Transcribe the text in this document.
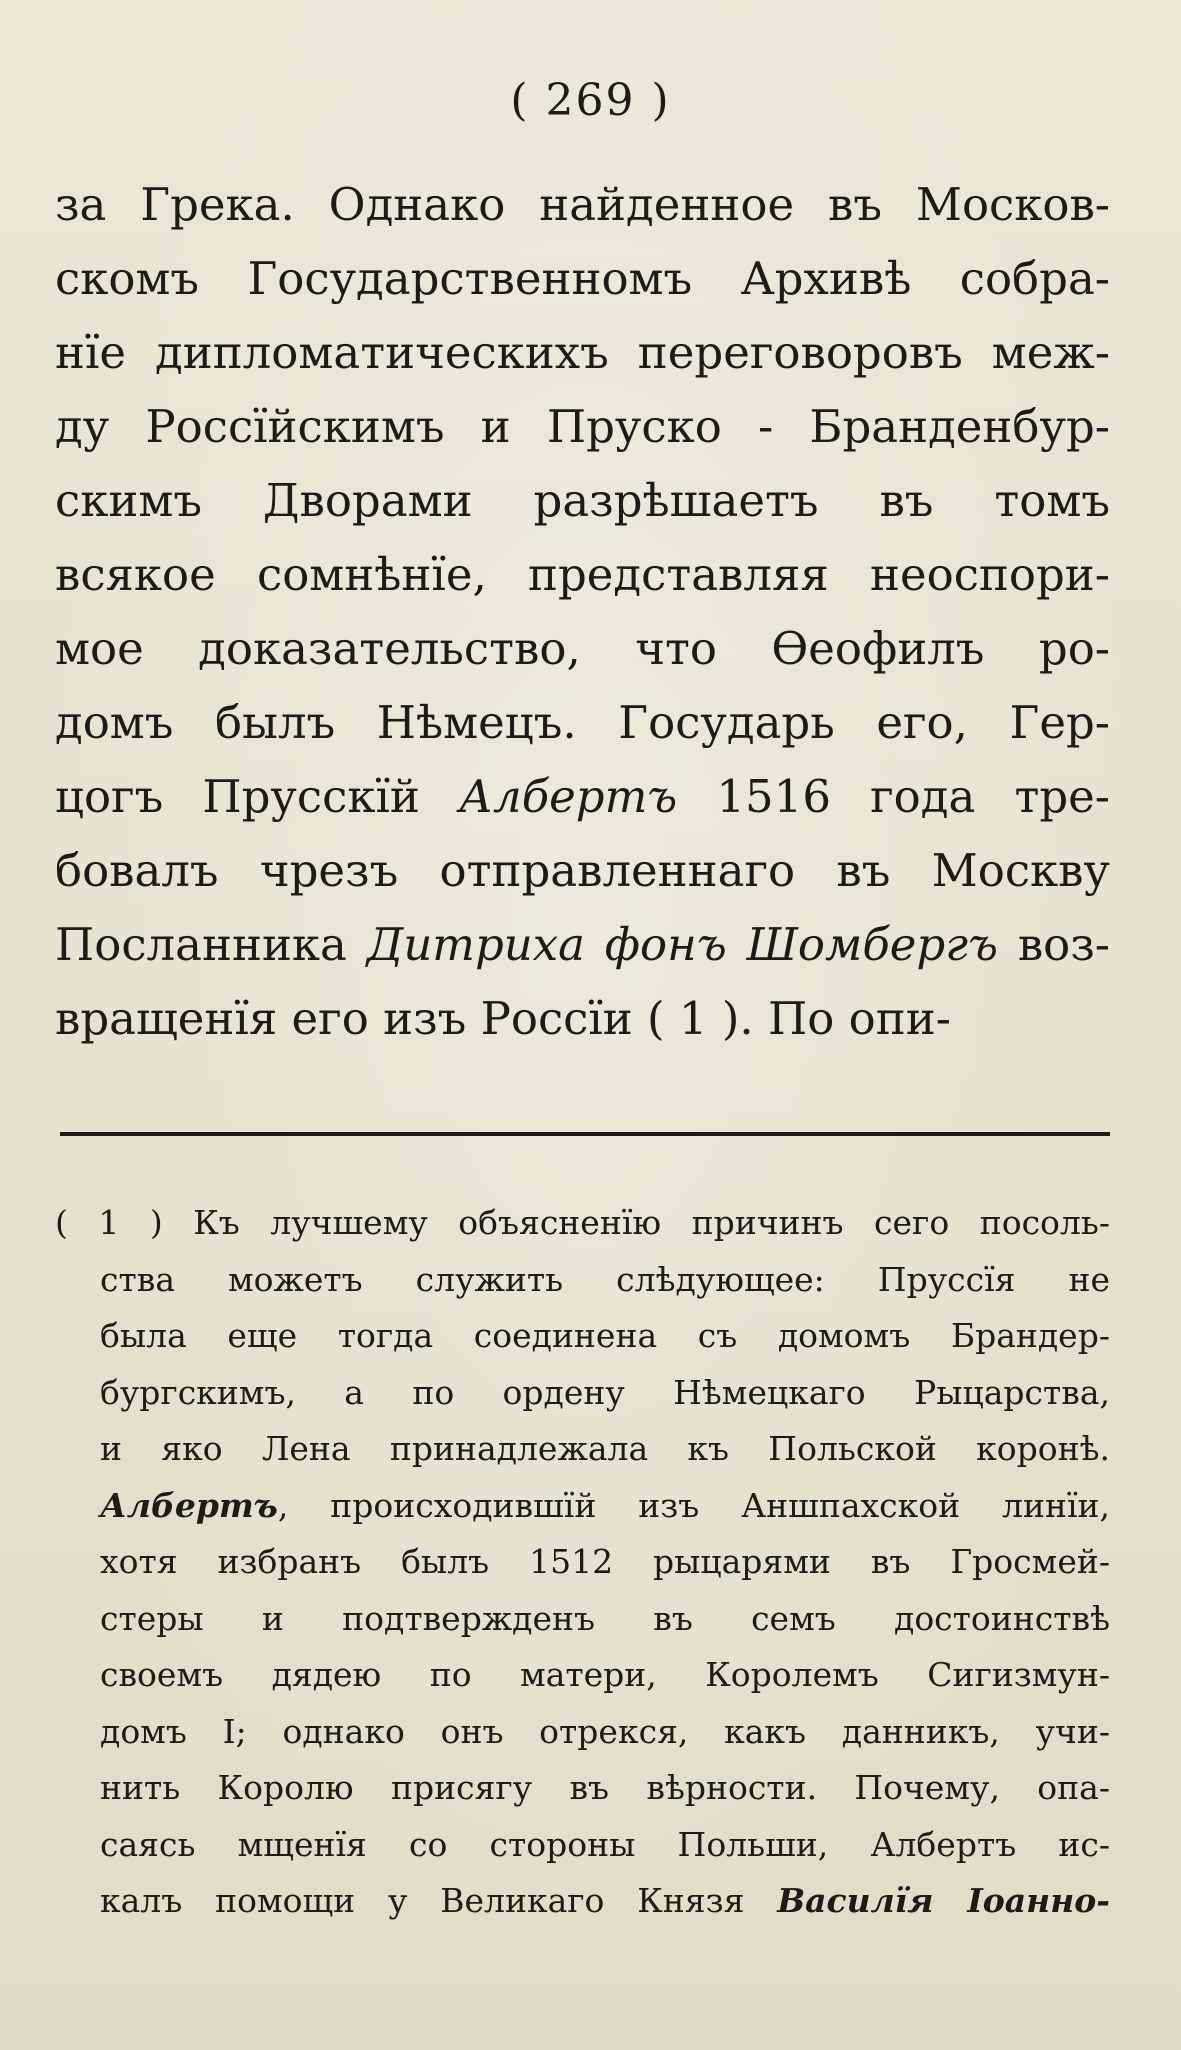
( 269 )
за Грека. Однако найденное въ Москов-
скомъ Государственномъ Архивѣ собра-
нïе дипломатическихъ переговоровъ меж-
ду Россïйскимъ и Пруско - Бранденбур-
скимъ Дворами разрѣшаетъ въ томъ
всякое сомнѣнïе, представляя неоспори-
мое доказательство, что Ѳеофилъ ро-
домъ былъ Нѣмецъ. Государь его, Гер-
цогъ Прусскïй Албертъ 1516 года тре-
бовалъ чрезъ отправленнаго въ Москву
Посланника Дитриха фонъ Шомбергъ воз-
вращенïя его изъ Россïи ( 1 ). По опи-
( 1 ) Къ лучшему объясненïю причинъ сего посоль-
ства можетъ служить слѣдующее: Пруссïя не
была еще тогда соединена съ домомъ Брандер-
бургскимъ, а по ордену Нѣмецкаго Рыцарства,
и яко Лена принадлежала къ Польской коронѣ.
Албертъ, происходившïй изъ Аншпахской линïи,
хотя избранъ былъ 1512 рыцарями въ Гросмей-
стеры и подтвержденъ въ семъ достоинствѣ
своемъ дядею по матери, Королемъ Сигизмун-
домъ I; однако онъ отрекся, какъ данникъ, учи-
нить Королю присягу въ вѣрности. Почему, опа-
саясь мщенïя со стороны Польши, Албертъ ис-
калъ помощи у Великаго Князя Василïя Iоанно-
